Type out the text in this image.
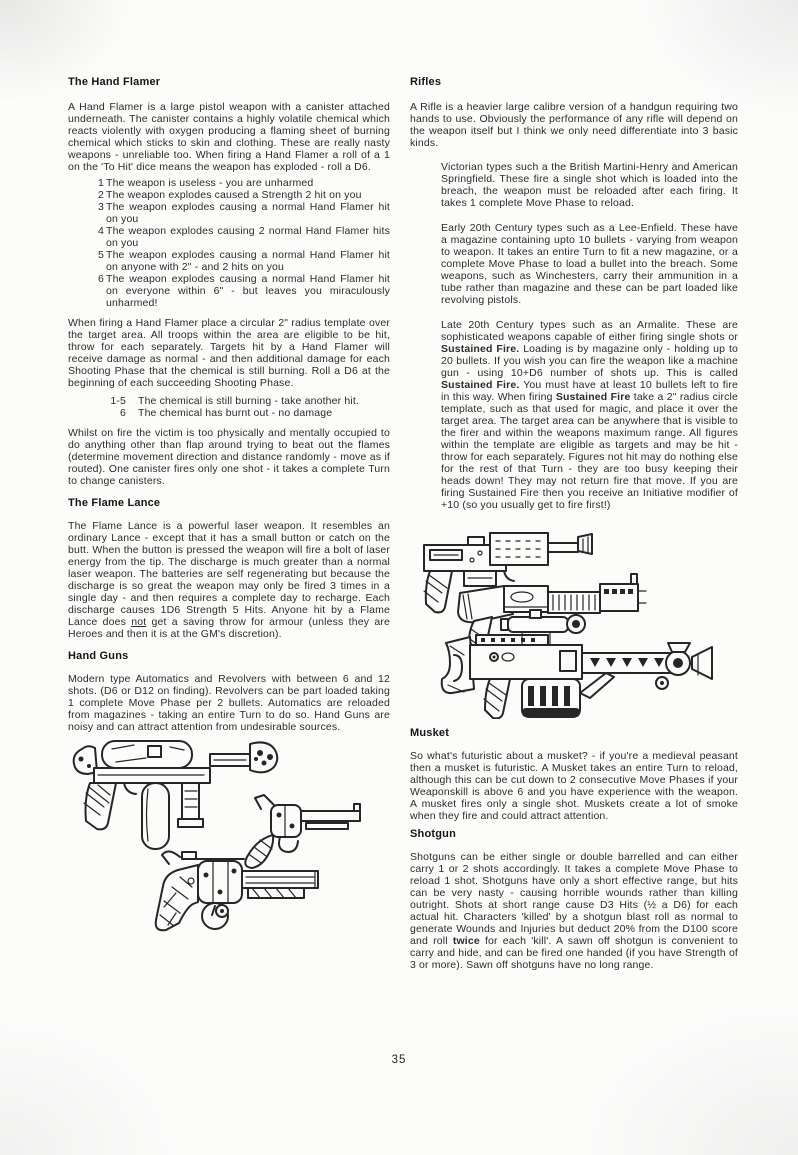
The Hand Flamer

A Hand Flamer is a large pistol weapon with a canister attached underneath. The canister contains a highly volatile chemical which reacts violently with oxygen producing a flaming sheet of burning chemical which sticks to skin and clothing. These are really nasty weapons - unreliable too. When firing a Hand Flamer a roll of a 1 on the 'To Hit' dice means the weapon has exploded - roll a D6.

1 The weapon is useless - you are unharmed
2 The weapon explodes caused a Strength 2 hit on you
3 The weapon explodes causing a normal Hand Flamer hit on you
4 The weapon explodes causing 2 normal Hand Flamer hits on you
5 The weapon explodes causing a normal Hand Flamer hit on anyone with 2" - and 2 hits on you
6 The weapon explodes causing a normal Hand Flamer hit on everyone within 6" - but leaves you miraculously unharmed!

When firing a Hand Flamer place a circular 2" radius template over the target area. All troops within the area are eligible to be hit, throw for each separately. Targets hit by a Hand Flamer will receive damage as normal - and then additional damage for each Shooting Phase that the chemical is still burning. Roll a D6 at the beginning of each succeeding Shooting Phase.

1-5	The chemical is still burning - take another hit.
6	The chemical has burnt out - no damage

Whilst on fire the victim is too physically and mentally occupied to do anything other than flap around trying to beat out the flames (determine movement direction and distance randomly - move as if routed). One canister fires only one shot - it takes a complete Turn to change canisters.

The Flame Lance

The Flame Lance is a powerful laser weapon. It resembles an ordinary Lance - except that it has a small button or catch on the butt. When the button is pressed the weapon will fire a bolt of laser energy from the tip. The discharge is much greater than a normal laser weapon. The batteries are self regenerating but because the discharge is so great the weapon may only be fired 3 times in a single day - and then requires a complete day to recharge. Each discharge causes 1D6 Strength 5 Hits. Anyone hit by a Flame Lance does not get a saving throw for armour (unless they are Heroes and then it is at the GM's discretion).

Hand Guns

Modern type Automatics and Revolvers with between 6 and 12 shots. (D6 or D12 on finding). Revolvers can be part loaded taking 1 complete Move Phase per 2 bullets. Automatics are reloaded from magazines - taking an entire Turn to do so. Hand Guns are noisy and can attract attention from undesirable sources.

Rifles

A Rifle is a heavier large calibre version of a handgun requiring two hands to use. Obviously the performance of any rifle will depend on the weapon itself but I think we only need differentiate into 3 basic kinds.

Victorian types such a the British Martini-Henry and American Springfield. These fire a single shot which is loaded into the breach, the weapon must be reloaded after each firing. It takes 1 complete Move Phase to reload.

Early 20th Century types such as a Lee-Enfield. These have a magazine containing upto 10 bullets - varying from weapon to weapon. It takes an entire Turn to fit a new magazine, or a complete Move Phase to load a bullet into the breach. Some weapons, such as Winchesters, carry their ammunition in a tube rather than magazine and these can be part loaded like revolving pistols.

Late 20th Century types such as an Armalite. These are sophisticated weapons capable of either firing single shots or Sustained Fire. Loading is by magazine only - holding up to 20 bullets. If you wish you can fire the weapon like a machine gun - using 10+D6 number of shots up. This is called Sustained Fire. You must have at least 10 bullets left to fire in this way. When firing Sustained Fire take a 2" radius circle template, such as that used for magic, and place it over the target area. The target area can be anywhere that is visible to the firer and within the weapons maximum range. All figures within the template are eligible as targets and may be hit - throw for each separately. Figures not hit may do nothing else for the rest of that Turn - they are too busy keeping their heads down! They may not return fire that move. If you are firing Sustained Fire then you receive an Initiative modifier of +10 (so you usually get to fire first!)

Musket

So what's futuristic about a musket? - if you're a medieval peasant then a musket is futuristic. A Musket takes an entire Turn to reload, although this can be cut down to 2 consecutive Move Phases if your Weaponskill is above 6 and you have experience with the weapon. A musket fires only a single shot. Muskets create a lot of smoke when they fire and could attract attention.

Shotgun

Shotguns can be either single or double barrelled and can either carry 1 or 2 shots accordingly. It takes a complete Move Phase to reload 1 shot. Shotguns have only a short effective range, but hits can be very nasty - causing horrible wounds rather than killing outright. Shots at short range cause D3 Hits (½ a D6) for each actual hit. Characters 'killed' by a shotgun blast roll as normal to generate Wounds and Injuries but deduct 20% from the D100 score and roll twice for each 'kill'. A sawn off shotgun is convenient to carry and hide, and can be fired one handed (if you have Strength of 3 or more). Sawn off shotguns have no long range.

35
